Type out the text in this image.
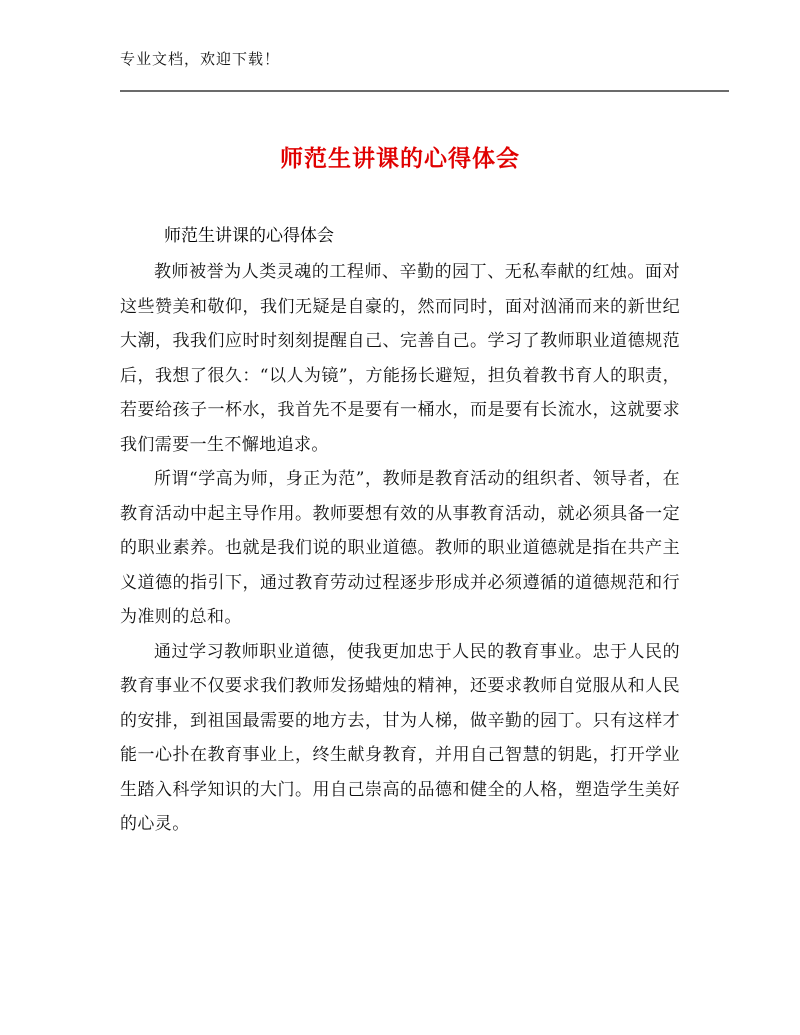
专业文档，欢迎下载！
师范生讲课的心得体会
师范生讲课的心得体会

教师被誉为人类灵魂的工程师、辛勤的园丁、无私奉献的红烛。面对这些赞美和敬仰，我们无疑是自豪的，然而同时，面对汹涌而来的新世纪大潮，我我们应时时刻刻提醒自己、完善自己。学习了教师职业道德规范后，我想了很久：“以人为镜”，方能扬长避短，担负着教书育人的职责，若要给孩子一杯水，我首先不是要有一桶水，而是要有长流水，这就要求我们需要一生不懈地追求。

所谓“学高为师，身正为范”，教师是教育活动的组织者、领导者，在教育活动中起主导作用。教师要想有效的从事教育活动，就必须具备一定的职业素养。也就是我们说的职业道德。教师的职业道德就是指在共产主义道德的指引下，通过教育劳动过程逐步形成并必须遵循的道德规范和行为准则的总和。

通过学习教师职业道德，使我更加忠于人民的教育事业。忠于人民的教育事业不仅要求我们教师发扬蜡烛的精神，还要求教师自觉服从和人民的安排，到祖国最需要的地方去，甘为人梯，做辛勤的园丁。只有这样才能一心扑在教育事业上，终生献身教育，并用自己智慧的钥匙，打开学业生踏入科学知识的大门。用自己崇高的品德和健全的人格，塑造学生美好的心灵。
